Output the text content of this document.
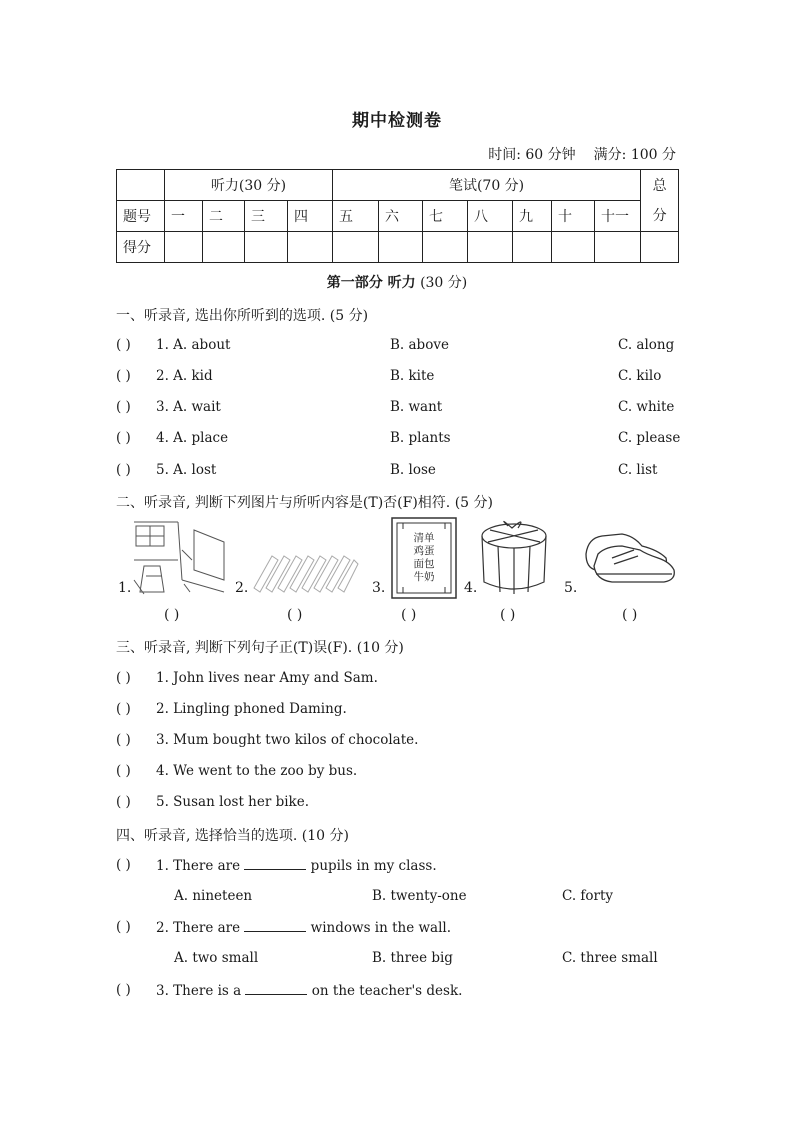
期中检测卷
时间: 60 分钟 满分: 100 分
	听力(30 分)				笔试(70 分)							总
分
题号	一	二	三	四	五	六	七	八	九	十	十一	
得分												
第一部分 听力 (30 分)
一、听录音, 选出你所听到的选项. (5 分)
( ) 1. A. about	B. above	C. along
( ) 2. A. kid	B. kite	C. kilo
( ) 3. A. wait	B. want	C. white
( ) 4. A. place	B. plants	C. please
( ) 5. A. lost	B. lose	C. list
二、听录音, 判断下列图片与所听内容是(T)否(F)相符. (5 分)
1.
( )
2.
( )
3.
清单
鸡蛋
面包
牛奶
( )
4.
( )
5.
( )
三、听录音, 判断下列句子正(T)误(F). (10 分)
( ) 1. John lives near Amy and Sam.
( ) 2. Lingling phoned Daming.
( ) 3. Mum bought two kilos of chocolate.
( ) 4. We went to the zoo by bus.
( ) 5. Susan lost her bike.
四、听录音, 选择恰当的选项. (10 分)
( ) 1. There are	pupils in my class.
A. nineteen	B. twenty-one	C. forty
( ) 2. There are	windows in the wall.
A. two small	B. three big	C. three small
( ) 3. There is a	on the teacher's desk.
